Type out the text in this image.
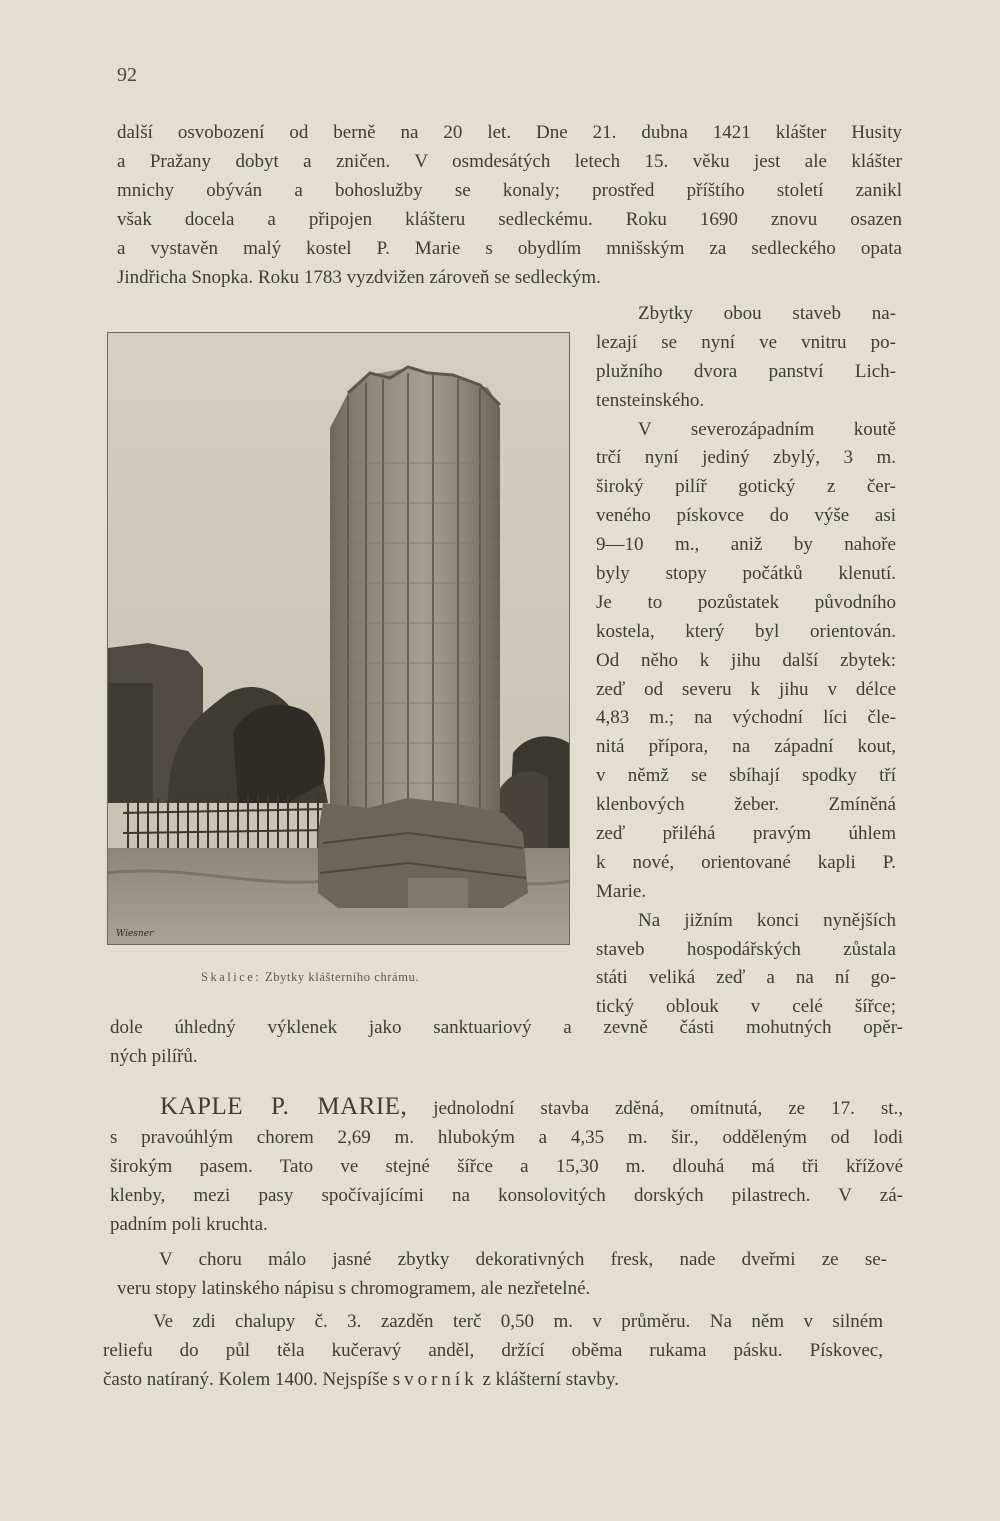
92
další osvobození od berně na 20 let. Dne 21. dubna 1421 klášter Husity
a Pražany dobyt a zničen. V osmdesátých letech 15. věku jest ale klášter
mnichy obýván a bohoslužby se konaly; prostřed příštího století zanikl
však docela a připojen klášteru sedleckému. Roku 1690 znovu osazen
a vystavěn malý kostel P. Marie s obydlím mnišským za sedleckého opata
Jindřicha Snopka. Roku 1783 vyzdvižen zároveň se sedleckým.
Wiesner
Skalice: Zbytky klášterního chrámu.
Zbytky obou staveb na-
lezají se nyní ve vnitru po-
plužního dvora panství Lich-
tensteinského.
V severozápadním koutě
trčí nyní jediný zbylý, 3 m.
široký pilíř gotický z čer-
veného pískovce do výše asi
9—10 m., aniž by nahoře
byly stopy počátků klenutí.
Je to pozůstatek původního
kostela, který byl orientován.
Od něho k jihu další zbytek:
zeď od severu k jihu v délce
4,83 m.; na východní líci čle-
nitá přípora, na západní kout,
v němž se sbíhají spodky tří
klenbových žeber. Zmíněná
zeď přiléhá pravým úhlem
k nové, orientované kapli P.
Marie.
Na jižním konci nynějších
staveb hospodářských zůstala
státi veliká zeď a na ní go-
tický oblouk v celé šířce;
dole úhledný výklenek jako sanktuariový a zevně části mohutných opěr-
ných pilířů.
KAPLE P. MARIE, jednolodní stavba zděná, omítnutá, ze 17. st.,
s pravoúhlým chorem 2,69 m. hlubokým a 4,35 m. šir., odděleným od lodi
širokým pasem. Tato ve stejné šířce a 15,30 m. dlouhá má tři křížové
klenby, mezi pasy spočívajícími na konsolovitých dorských pilastrech. V zá-
padním poli kruchta.
V choru málo jasné zbytky dekorativných fresk, nade dveřmi ze se-
veru stopy latinského nápisu s chromogramem, ale nezřetelné.
Ve zdi chalupy č. 3. zazděn terč 0,50 m. v průměru. Na něm v silném
reliefu do půl těla kučeravý anděl, držící oběma rukama pásku. Pískovec,
často natíraný. Kolem 1400. Nejspíše svorník z klášterní stavby.
